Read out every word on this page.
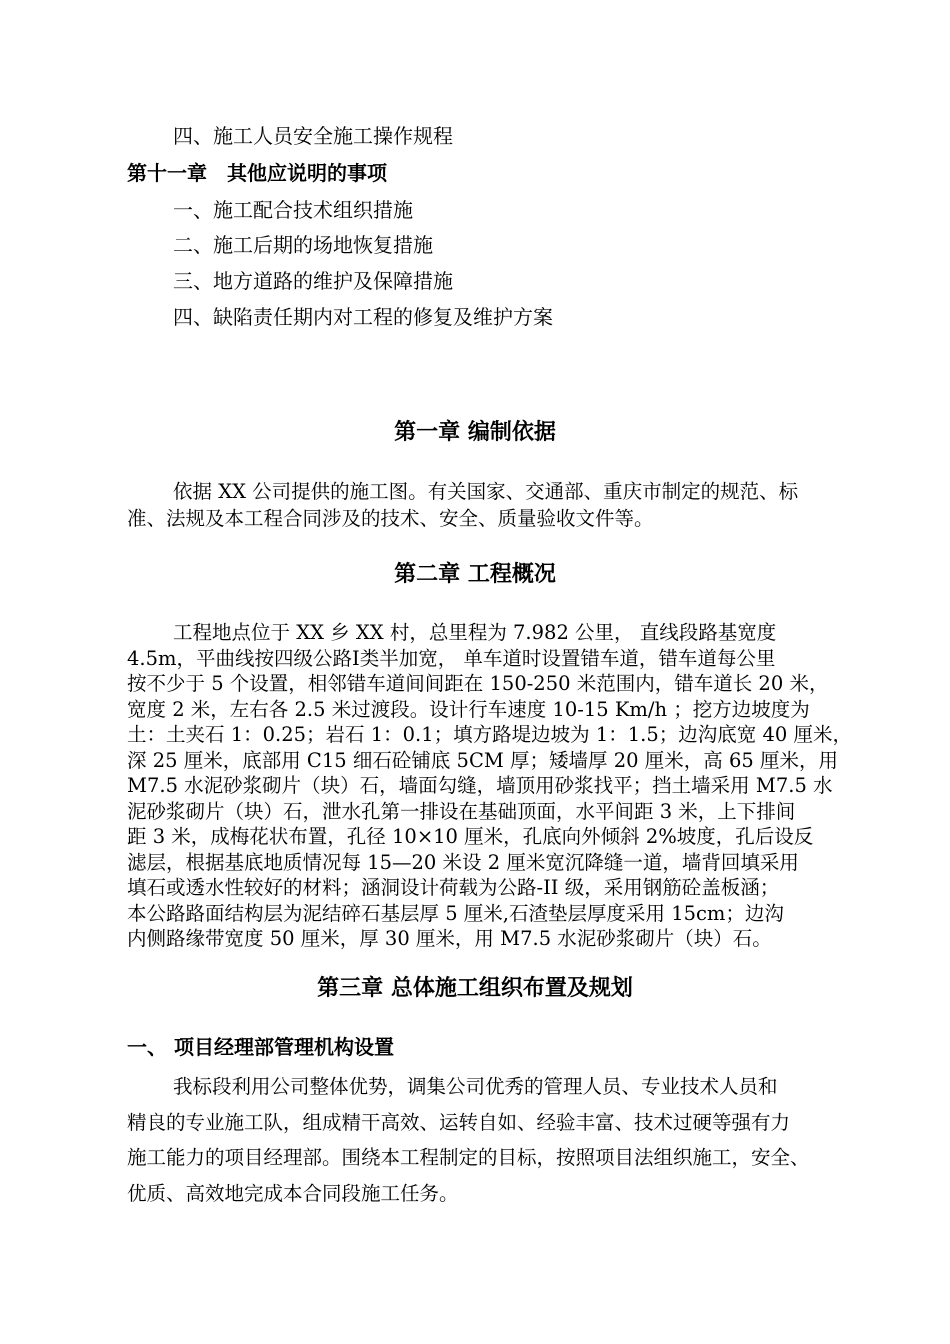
四、施工人员安全施工操作规程
第十一章　其他应说明的事项
一、施工配合技术组织措施
二、施工后期的场地恢复措施
三、地方道路的维护及保障措施
四、缺陷责任期内对工程的修复及维护方案
第一章 编制依据
依据 XX 公司提供的施工图。有关国家、交通部、重庆市制定的规范、标
准、法规及本工程合同涉及的技术、安全、质量验收文件等。
第二章 工程概况
工程地点位于 XX 乡 XX 村，总里程为 7.982 公里， 直线段路基宽度
4.5m，平曲线按四级公路Ⅰ类半加宽， 单车道时设置错车道，错车道每公里
按不少于 5 个设置，相邻错车道间间距在 150-250 米范围内，错车道长 20 米，
宽度 2 米，左右各 2.5 米过渡段。设计行车速度 10-15 Km/h ；挖方边坡度为
土：土夹石 1：0.25；岩石 1：0.1；填方路堤边坡为 1：1.5；边沟底宽 40 厘米，
深 25 厘米，底部用 C15 细石砼铺底 5CM 厚；矮墙厚 20 厘米，高 65 厘米，用
M7.5 水泥砂浆砌片（块）石，墙面勾缝，墙顶用砂浆找平；挡土墙采用 M7.5 水
泥砂浆砌片（块）石，泄水孔第一排设在基础顶面，水平间距 3 米，上下排间
距 3 米，成梅花状布置，孔径 10×10 厘米，孔底向外倾斜 2%坡度，孔后设反
滤层，根据基底地质情况每 15—20 米设 2 厘米宽沉降缝一道，墙背回填采用
填石或透水性较好的材料；涵洞设计荷载为公路-II 级，采用钢筋砼盖板涵；
本公路路面结构层为泥结碎石基层厚 5 厘米,石渣垫层厚度采用 15cm；边沟
内侧路缘带宽度 50 厘米，厚 30 厘米，用 M7.5 水泥砂浆砌片（块）石。
第三章 总体施工组织布置及规划
一、 项目经理部管理机构设置
我标段利用公司整体优势，调集公司优秀的管理人员、专业技术人员和
精良的专业施工队，组成精干高效、运转自如、经验丰富、技术过硬等强有力
施工能力的项目经理部。围绕本工程制定的目标，按照项目法组织施工，安全、
优质、高效地完成本合同段施工任务。
